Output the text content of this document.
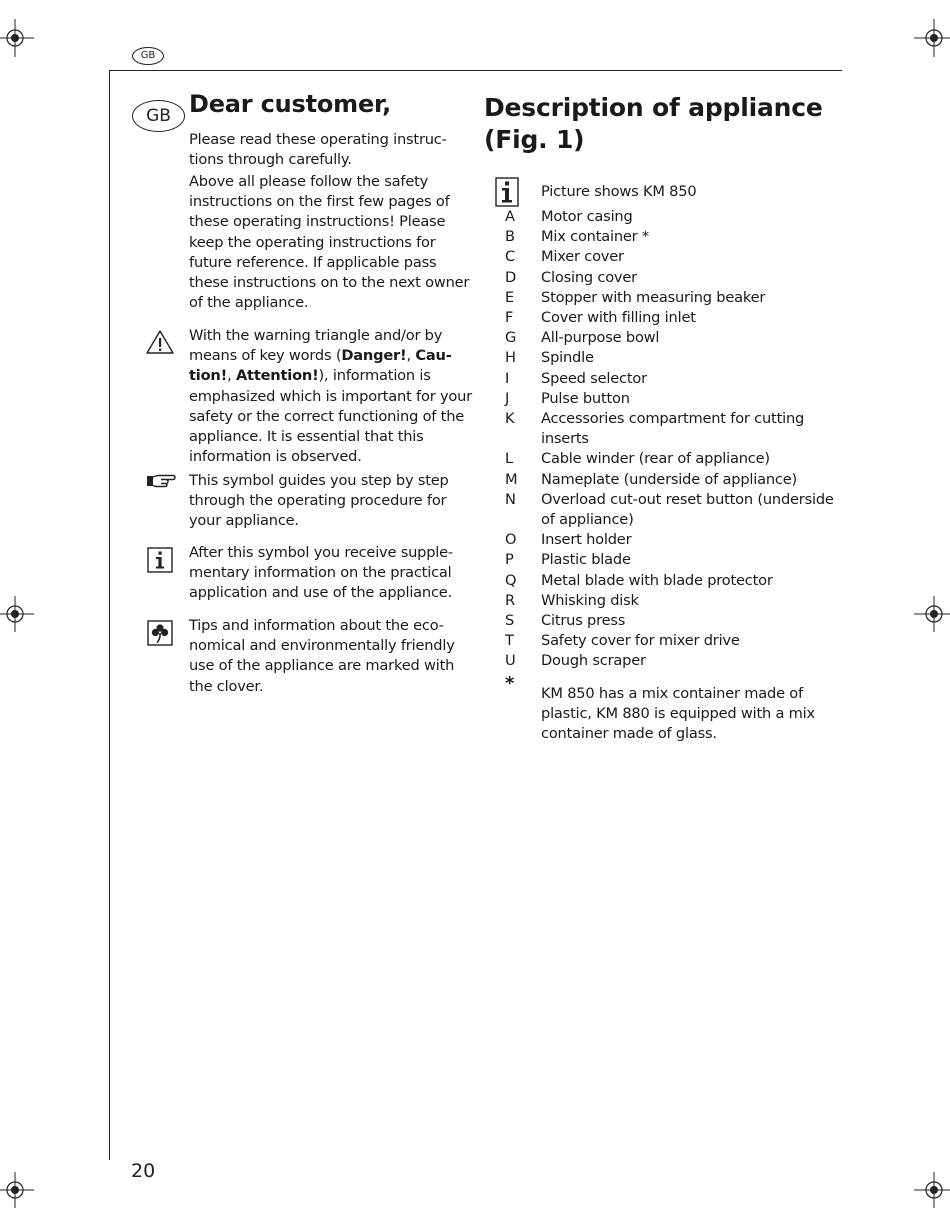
GB
GB Dear customer,

Please read these operating instruc-tions through carefully.

Above all please follow the safety instructions on the first few pages of these operating instructions! Please keep the operating instructions for future reference. If applicable pass these instructions on to the next owner of the appliance.

With the warning triangle and/or by means of key words (Danger!, Cau-tion!, Attention!), information is emphasized which is important for your safety or the correct functioning of the appliance. It is essential that this information is observed.

This symbol guides you step by step through the operating procedure for your appliance.

After this symbol you receive supple-mentary information on the practical application and use of the appliance.

Tips and information about the eco-nomical and environmentally friendly use of the appliance are marked with the clover.

Description of appliance (Fig. 1)
Picture shows KM 850
A	Motor casing
B	Mix container *
C	Mixer cover
D	Closing cover
E	Stopper with measuring beaker
F	Cover with filling inlet
G	All-purpose bowl
H	Spindle
I	Speed selector
J	Pulse button
K	Accessories compartment for cutting inserts
L	Cable winder (rear of appliance)
M	Nameplate (underside of appliance)
N	Overload cut-out reset button (underside of appliance)
O	Insert holder
P	Plastic blade
Q	Metal blade with blade protector
R	Whisking disk
S	Citrus press
T	Safety cover for mixer drive
U	Dough scraper
*	KM 850 has a mix container made of plastic, KM 880 is equipped with a mix container made of glass.
20
